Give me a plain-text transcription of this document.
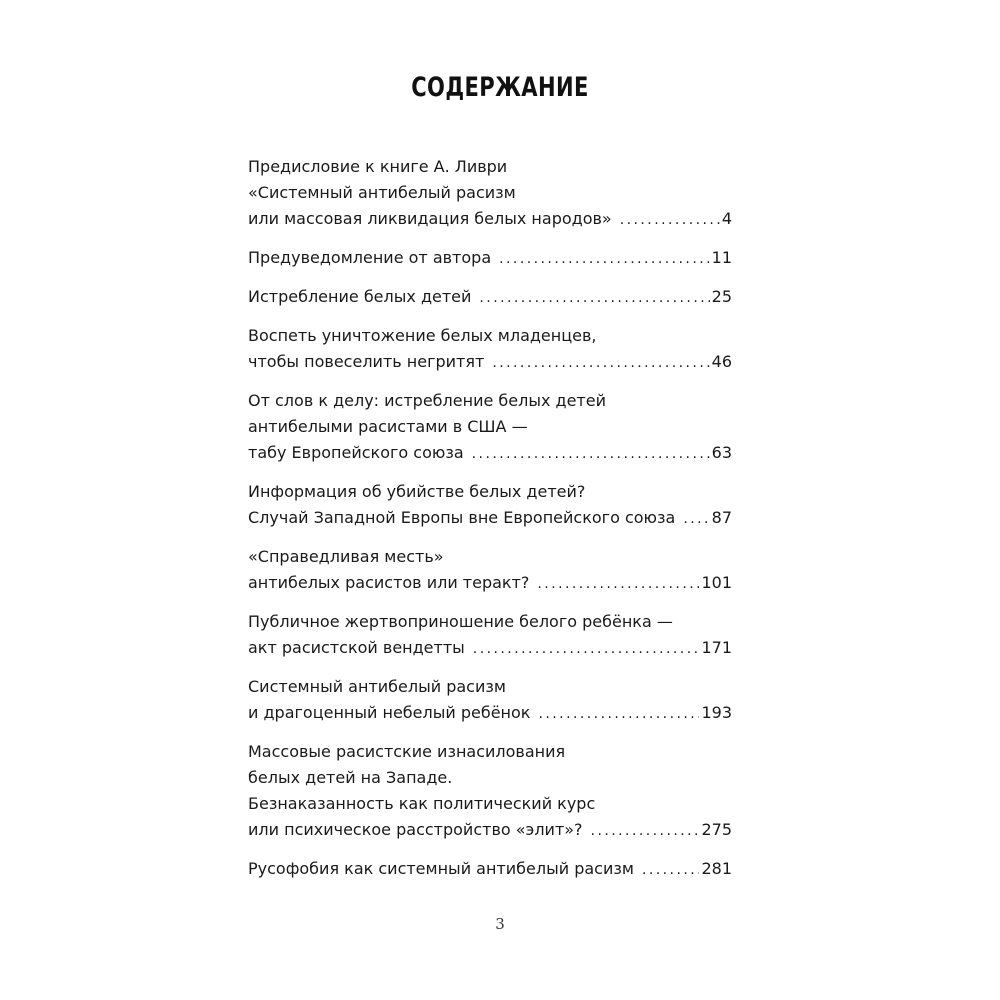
СОДЕРЖАНИЕ
Предисловие к книге А. Ливри
«Системный антибелый расизм
или массовая ликвидация белых народов» . . .	4
Предуведомление от автора . . .	11
Истребление белых детей . . .	25
Воспеть уничтожение белых младенцев,
чтобы повеселить негритят . . .	46
От слов к делу: истребление белых детей
антибелыми расистами в США —
табу Европейского союза . . .	63
Информация об убийстве белых детей?
Случай Западной Европы вне Европейского союза . . . 87
«Справедливая месть»
антибелых расистов или теракт? . . .	101
Публичное жертвоприношение белого ребёнка —
акт расистской вендетты . . .	171
Системный антибелый расизм
и драгоценный небелый ребёнок . . .	193
Массовые расистские изнасилования
белых детей на Западе.
Безнаказанность как политический курс
или психическое расстройство «элит»? . . .	275
Русофобия как системный антибелый расизм . . .	281
3
